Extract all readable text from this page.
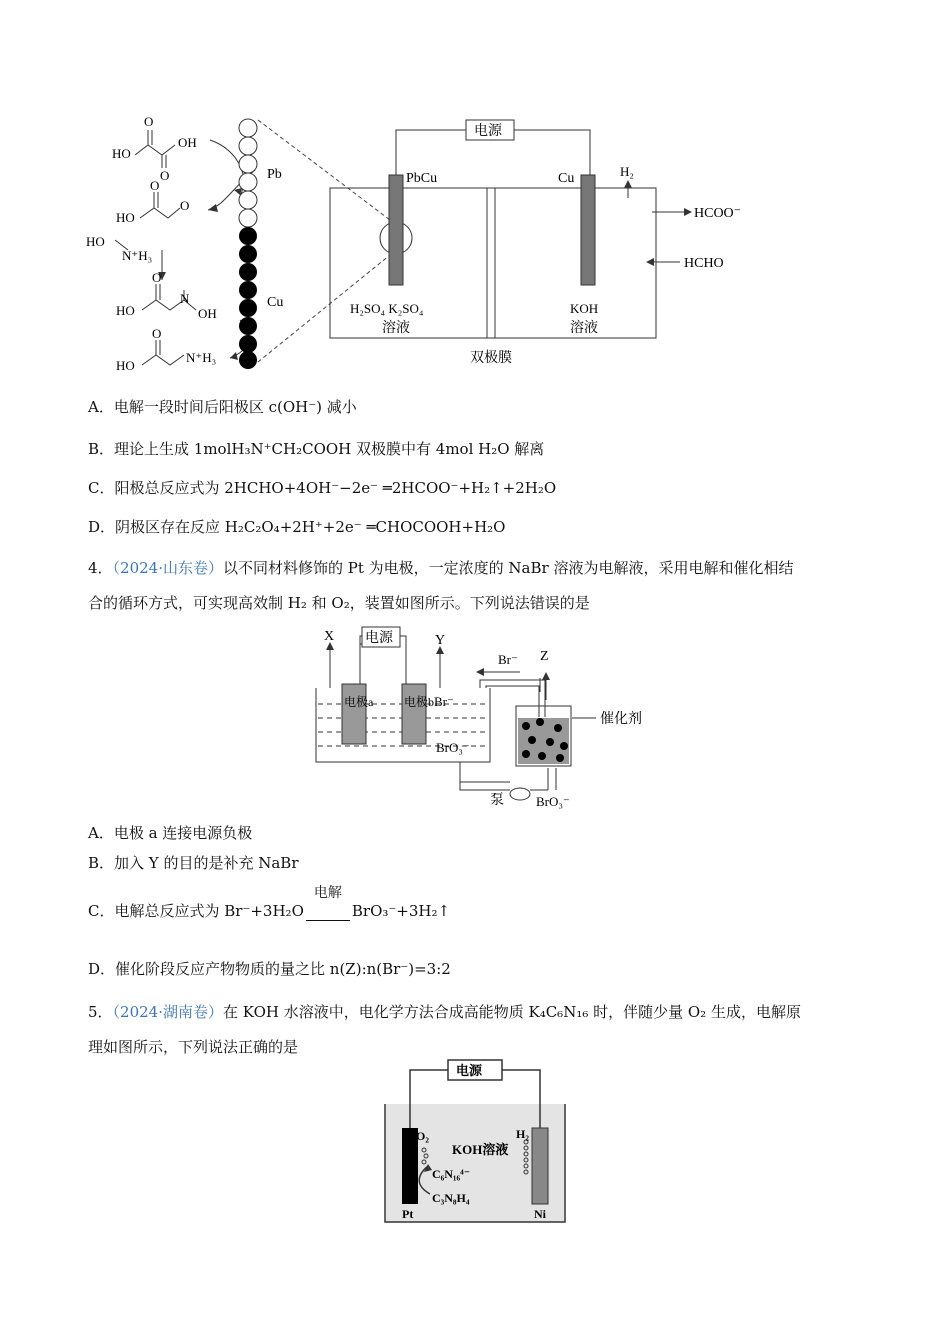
Pb
Cu
PbCu	Cu
电源
H₂
HCOO⁻
HCHO
H₂SO₄ K₂SO₄
溶液
KOH
溶液
双极膜
O
OH
HO
O
O
O
HO
HO
N⁺H₃
O
N
OH
HO
O
HO
N⁺H₃
A．电解一段时间后阳极区 c(OH⁻) 减小
B．理论上生成 1molH₃N⁺CH₂COOH 双极膜中有 4mol H₂O 解离
C．阳极总反应式为 2HCHO+4OH⁻−2e⁻ ═2HCOO⁻+H₂↑+2H₂O
D．阴极区存在反应 H₂C₂O₄+2H⁺+2e⁻ ═CHOCOOH+H₂O
4．（2024·山东卷）以不同材料修饰的 Pt 为电极，一定浓度的 NaBr 溶液为电解液，采用电解和催化相结
合的循环方式，可实现高效制 H₂ 和 O₂，装置如图所示。下列说法错误的是
电源
X	Y
Z
Br⁻
Br⁻
电极a	电极b
BrO₃⁻
催化剂
泵 BrO₃⁻
A．电极 a 连接电源负极
B．加入 Y 的目的是补充 NaBr
C．电解总反应式为 Br⁻+3H₂O
电解
BrO₃⁻+3H₂↑
D．催化阶段反应产物物质的量之比 n(Z):n(Br⁻)=3:2
5．（2024·湖南卷）在 KOH 水溶液中，电化学方法合成高能物质 K₄C₆N₁₆ 时，伴随少量 O₂ 生成，电解原
理如图所示，下列说法正确的是
电源
O₂	H₂
KOH溶液
C₆N₁₆⁴⁻
C₃N₈H₄
Pt	Ni
